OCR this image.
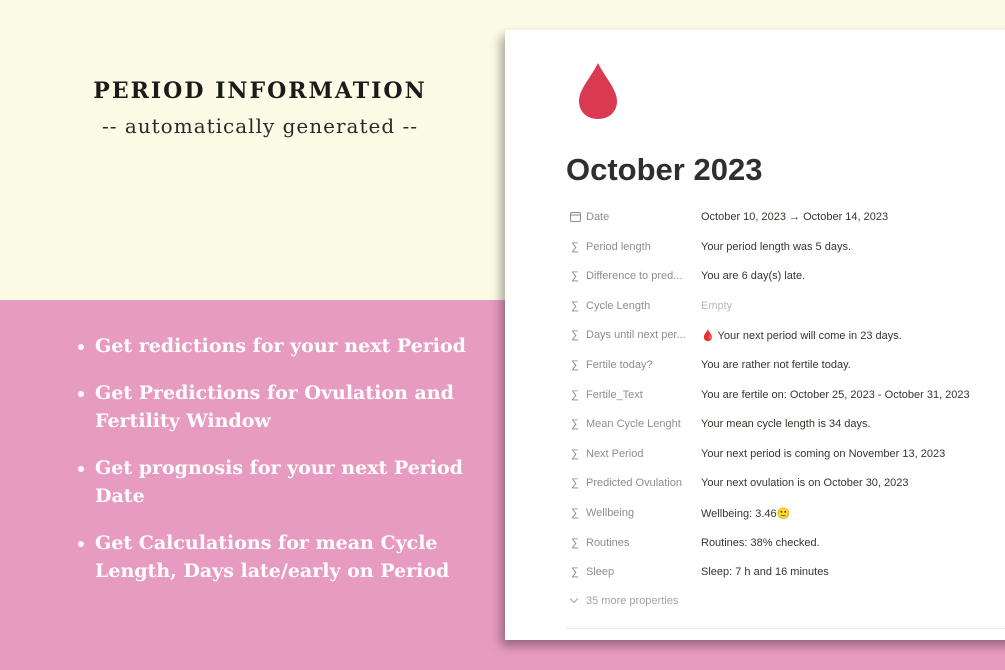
PERIOD INFORMATION
-- automatically generated --
Get redictions for your next Period
Get Predictions for Ovulation and Fertility Window
Get prognosis for your next Period Date
Get Calculations for mean Cycle Length, Days late/early on Period
October 2023
Date	October 10, 2023 → October 14, 2023
∑ Period length	Your period length was 5 days.
∑ Difference to pred...	You are 6 day(s) late.
∑ Cycle Length	Empty
∑ Days until next per...	🩸 Your next period will come in 23 days.
∑ Fertile today?	You are rather not fertile today.
∑ Fertile_Text	You are fertile on: October 25, 2023 - October 31, 2023
∑ Mean Cycle Lenght	Your mean cycle length is 34 days.
∑ Next Period	Your next period is coming on November 13, 2023
∑ Predicted Ovulation	Your next ovulation is on October 30, 2023
∑ Wellbeing	Wellbeing: 3.46🙂
∑ Routines	Routines: 38% checked.
∑ Sleep	Sleep: 7 h and 16 minutes
35 more properties
